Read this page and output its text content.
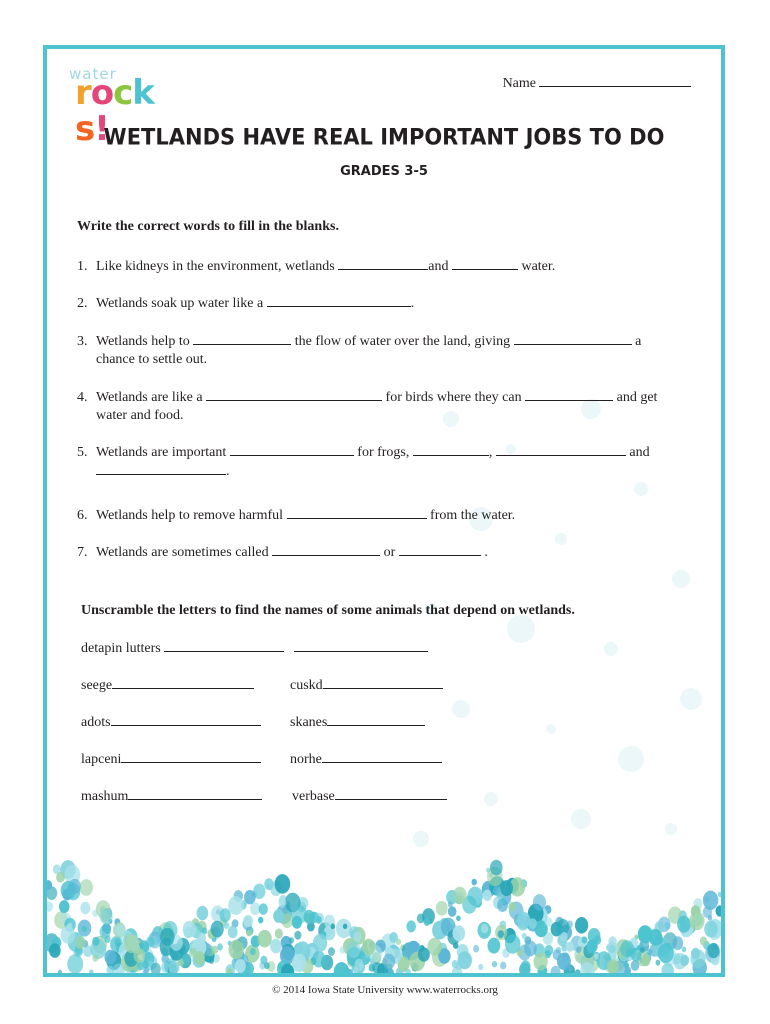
water
rocks!
Name
WETLANDS HAVE REAL IMPORTANT JOBS TO DO
GRADES 3-5
Write the correct words to fill in the blanks.
1. Like kidneys in the environment, wetlands	and	water.
2. Wetlands soak up water like a	.
3. Wetlands help to	the flow of water over the land, giving	a
chance to settle out.
4. Wetlands are like a	for birds where they can	and get
water and food.
5. Wetlands are important	for frogs,	,	and
.
6. Wetlands help to remove harmful	from the water.
7. Wetlands are sometimes called	or	.
Unscramble the letters to find the names of some animals that depend on wetlands.
detapin lutters
seege	cuskd
adots	skanes
lapceni	norhe
mashum	verbase
© 2014 Iowa State University www.waterrocks.org
